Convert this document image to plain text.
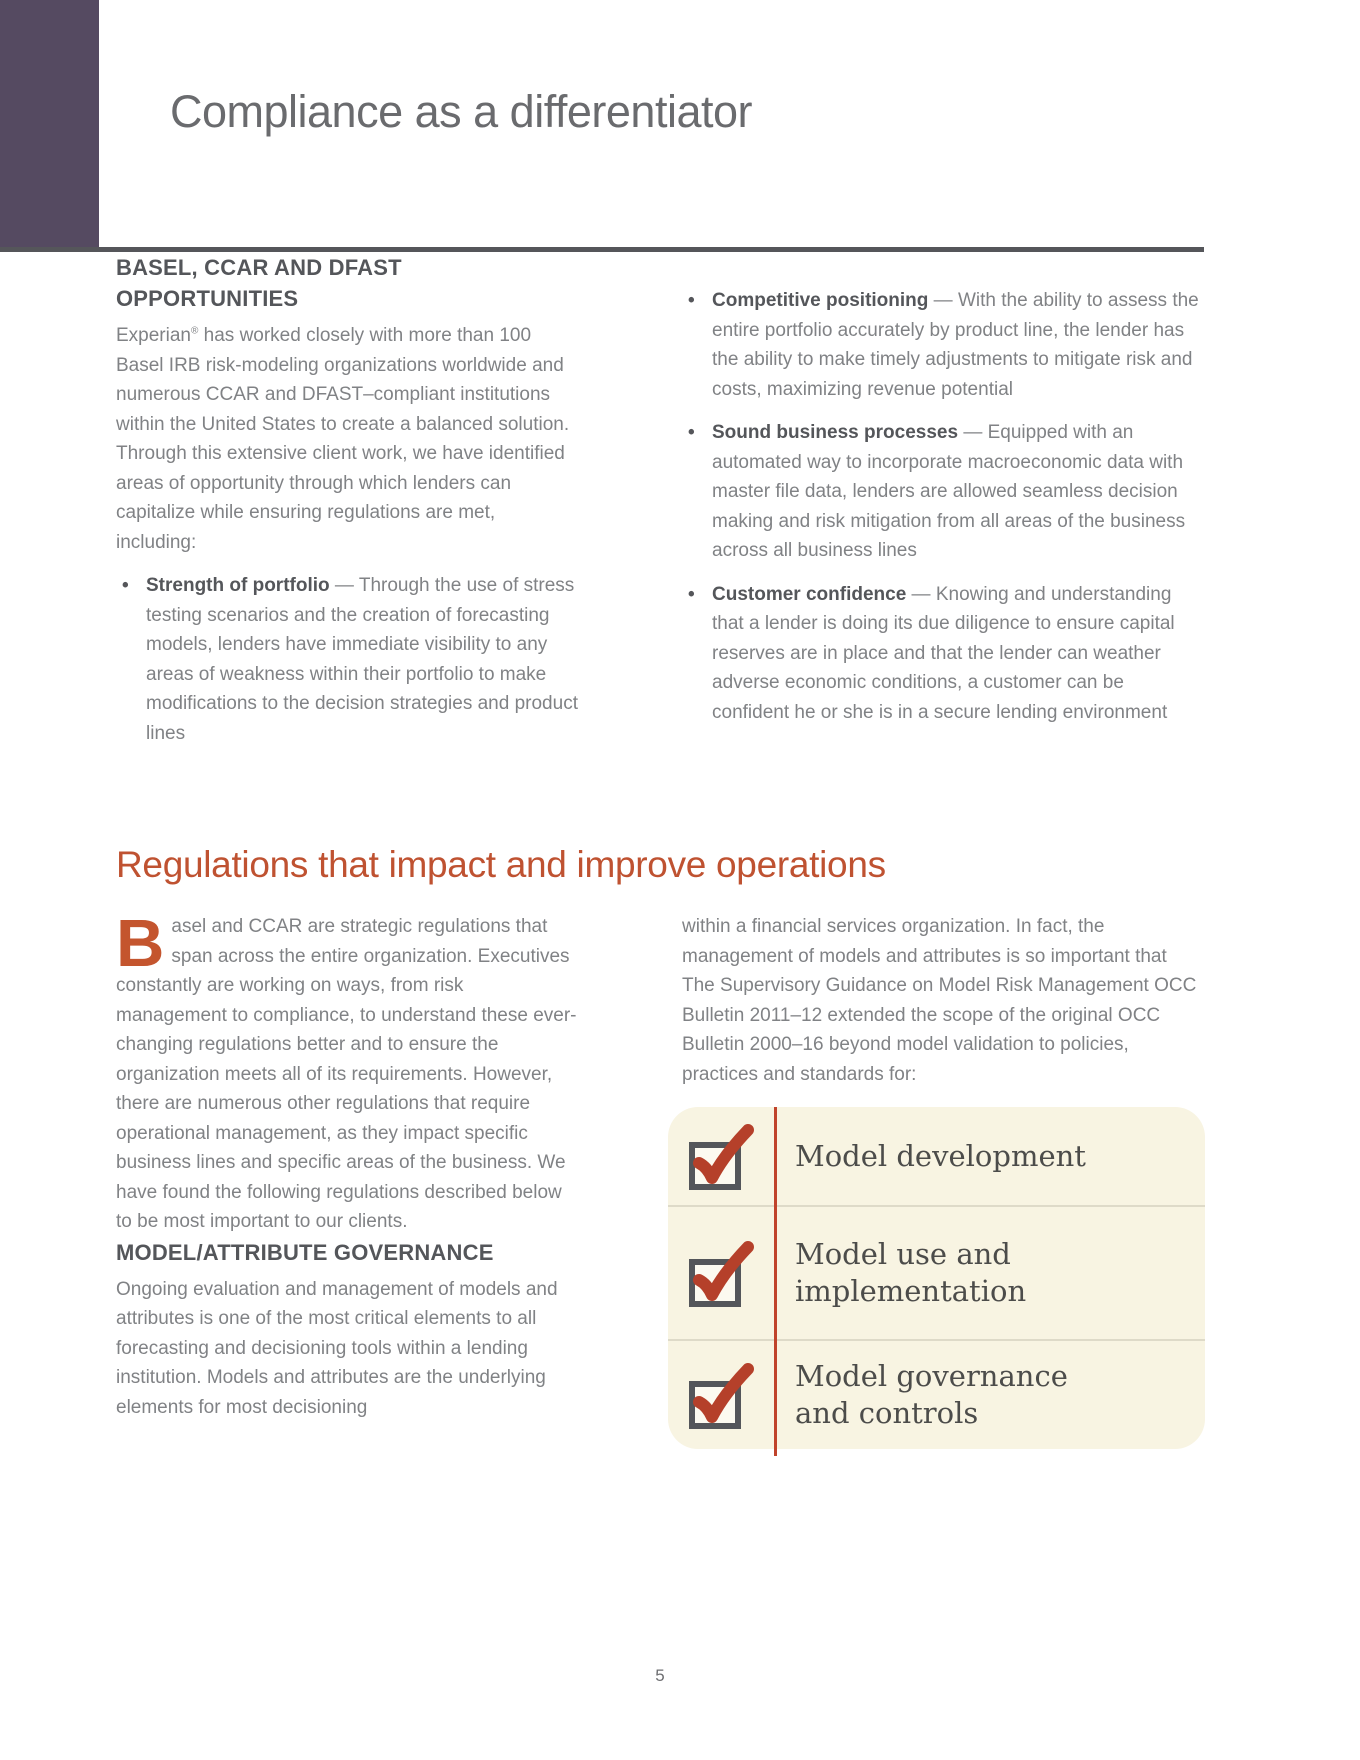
Compliance as a differentiator
BASEL, CCAR AND DFAST OPPORTUNITIES

Experian® has worked closely with more than 100 Basel IRB risk-modeling organizations worldwide and numerous CCAR and DFAST–compliant institutions within the United States to create a balanced solution. Through this extensive client work, we have identified areas of opportunity through which lenders can capitalize while ensuring regulations are met, including:

• Strength of portfolio — Through the use of stress testing scenarios and the creation of forecasting models, lenders have immediate visibility to any areas of weakness within their portfolio to make modifications to the decision strategies and product lines
• Competitive positioning — With the ability to assess the entire portfolio accurately by product line, the lender has the ability to make timely adjustments to mitigate risk and costs, maximizing revenue potential
• Sound business processes — Equipped with an automated way to incorporate macroeconomic data with master file data, lenders are allowed seamless decision making and risk mitigation from all areas of the business across all business lines
• Customer confidence — Knowing and understanding that a lender is doing its due diligence to ensure capital reserves are in place and that the lender can weather adverse economic conditions, a customer can be confident he or she is in a secure lending environment
Regulations that impact and improve operations

Basel and CCAR are strategic regulations that span across the entire organization. Executives constantly are working on ways, from risk management to compliance, to understand these ever-changing regulations better and to ensure the organization meets all of its requirements. However, there are numerous other regulations that require operational management, as they impact specific business lines and specific areas of the business. We have found the following regulations described below to be most important to our clients.

MODEL/ATTRIBUTE GOVERNANCE

Ongoing evaluation and management of models and attributes is one of the most critical elements to all forecasting and decisioning tools within a lending institution. Models and attributes are the underlying elements for most decisioning

within a financial services organization. In fact, the management of models and attributes is so important that The Supervisory Guidance on Model Risk Management OCC Bulletin 2011–12 extended the scope of the original OCC Bulletin 2000–16 beyond model validation to policies, practices and standards for:

Model development
Model use and
implementation
Model governance
and controls
5
